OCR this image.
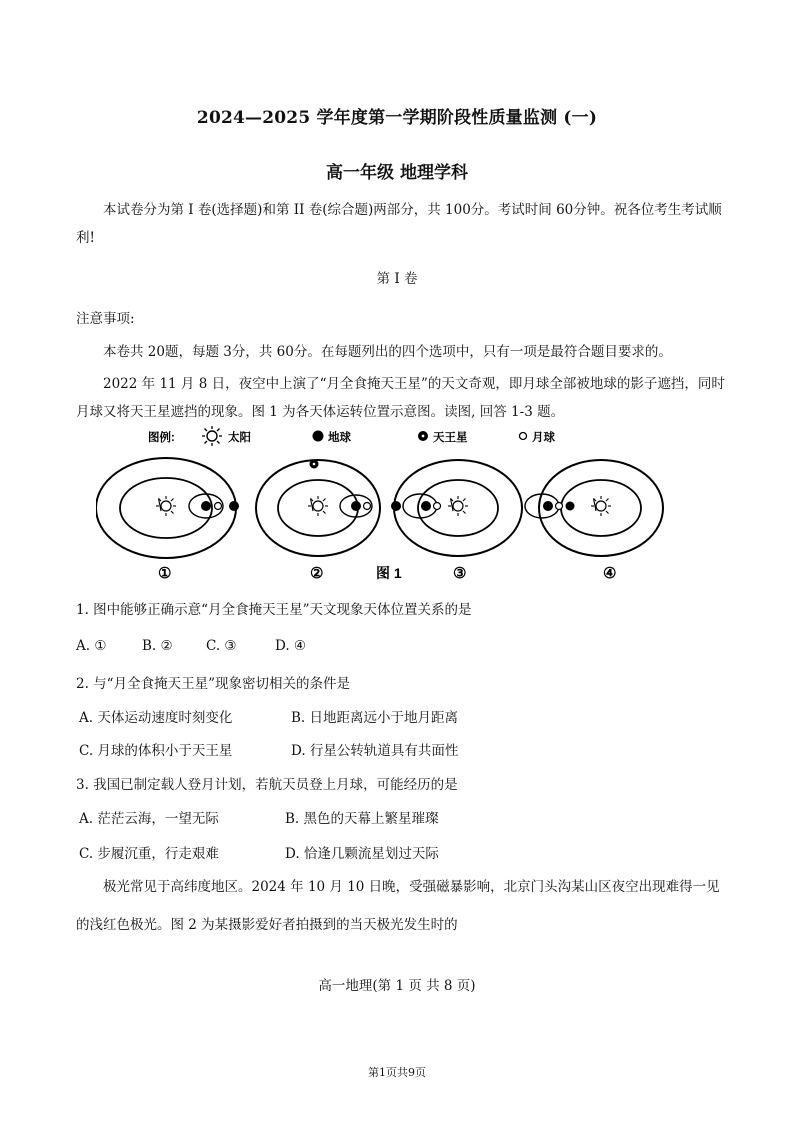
2024—2025 学年度第一学期阶段性质量监测 (一)
高一年级 地理学科
本试卷分为第 I 卷(选择题)和第 II 卷(综合题)两部分，共 100分。考试时间 60分钟。祝各位考生考试顺利!
第 I 卷
注意事项:
本卷共 20题，每题 3分，共 60分。在每题列出的四个选项中，只有一项是最符合题目要求的。
2022 年 11 月 8 日，夜空中上演了“月全食掩天王星”的天文奇观，即月球全部被地球的影子遮挡，同时月球又将天王星遮挡的现象。图 1 为各天体运转位置示意图。读图, 回答 1-3 题。
图例:	太阳	地球	天王星	月球
①	②	图 1	③	④
1. 图中能够正确示意“月全食掩天王星”天文现象天体位置关系的是
A. ①	B. ② C. ③	D. ④
2. 与“月全食掩天王星”现象密切相关的条件是
A. 天体运动速度时刻变化	B. 日地距离远小于地月距离
C. 月球的体积小于天王星	D. 行星公转轨道具有共面性
3. 我国已制定载人登月计划，若航天员登上月球，可能经历的是
A. 茫茫云海，一望无际	B. 黑色的天幕上繁星璀璨
C. 步履沉重，行走艰难	D. 恰逢几颗流星划过天际
极光常见于高纬度地区。2024 年 10 月 10 日晚，受强磁暴影响，北京门头沟某山区夜空出现难得一见的浅红色极光。图 2 为某摄影爱好者拍摄到的当天极光发生时的
高一地理(第 1 页 共 8 页)
第1页共9页
